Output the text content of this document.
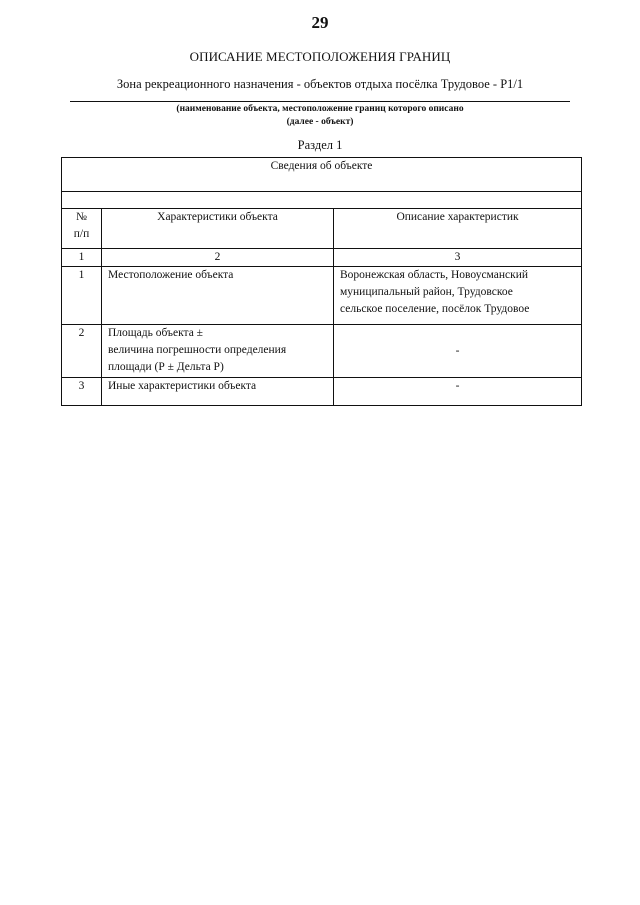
29
ОПИСАНИЕ МЕСТОПОЛОЖЕНИЯ ГРАНИЦ
Зона рекреационного назначения - объектов отдыха посёлка Трудовое - Р1/1
(наименование объекта, местоположение границ которого описано
(далее - объект)
Раздел 1
Сведения об объекте		

№
п/п	Характеристики объекта	Описание характеристик
1	2	3
1	Местоположение объекта	Воронежская область, Новоусманский
муниципальный район, Трудовское
сельское поселение, посёлок Трудовое

2	Площадь объекта ±
величина погрешности определения
площади (Р ± Дельта Р)	-
3	Иные характеристики объекта	-
